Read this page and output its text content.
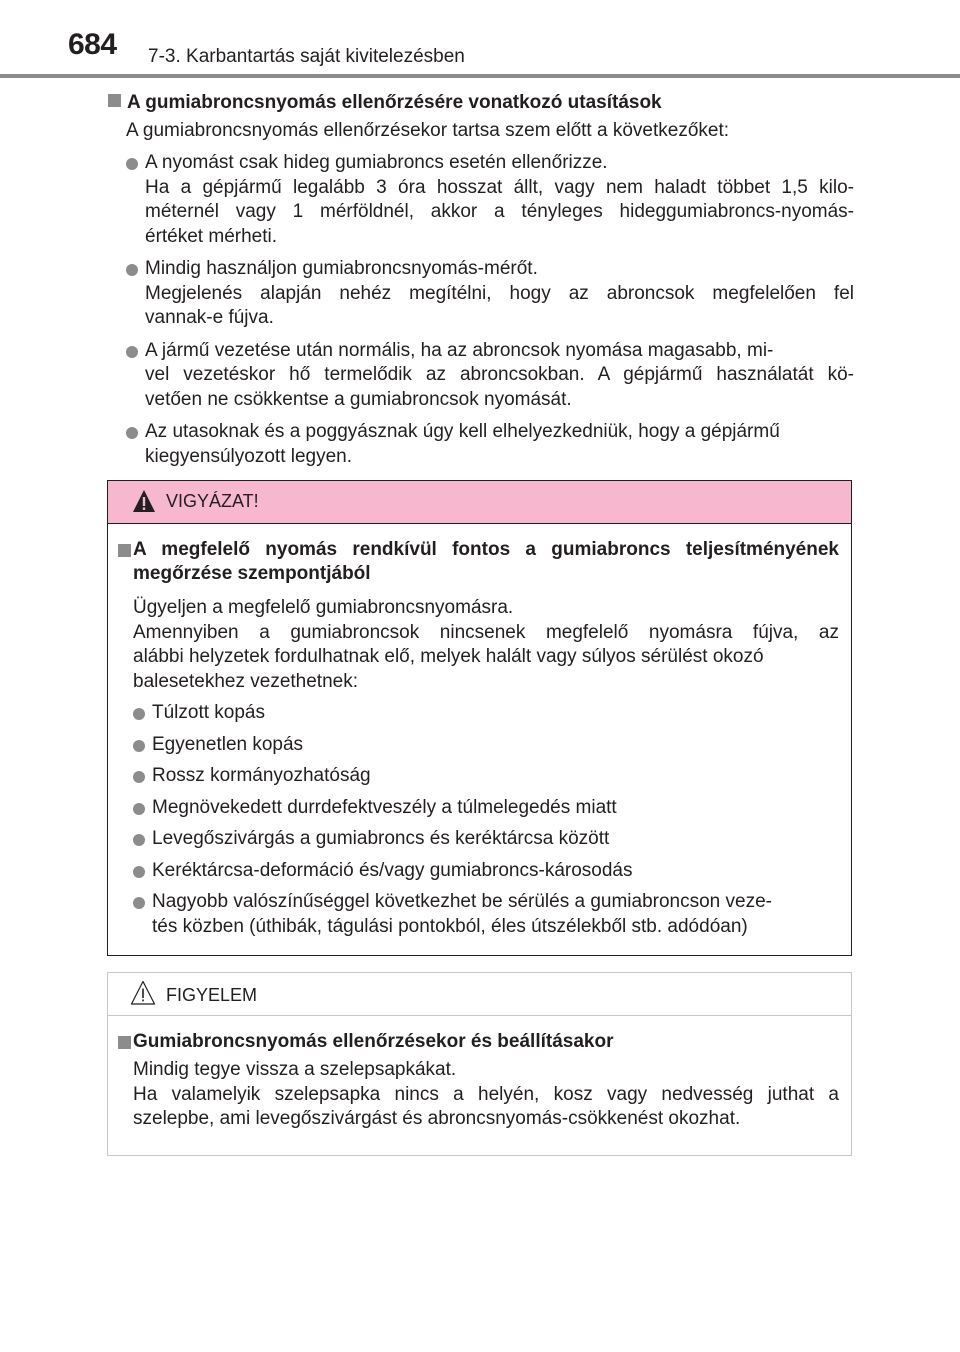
684 7-3. Karbantartás saját kivitelezésben
A gumiabroncsnyomás ellenőrzésére vonatkozó utasítások
A gumiabroncsnyomás ellenőrzésekor tartsa szem előtt a következőket:
A nyomást csak hideg gumiabroncs esetén ellenőrizze.
Ha a gépjármű legalább 3 óra hosszat állt, vagy nem haladt többet 1,5 kilo-
méternél vagy 1 mérföldnél, akkor a tényleges hideggumiabroncs-nyomás-
értéket mérheti.
Mindig használjon gumiabroncsnyomás-mérőt.
Megjelenés alapján nehéz megítélni, hogy az abroncsok megfelelően fel
vannak-e fújva.
A jármű vezetése után normális, ha az abroncsok nyomása magasabb, mi-
vel vezetéskor hő termelődik az abroncsokban. A gépjármű használatát kö-
vetően ne csökkentse a gumiabroncsok nyomását.
Az utasoknak és a poggyásznak úgy kell elhelyezkedniük, hogy a gépjármű
kiegyensúlyozott legyen.
VIGYÁZAT!
A megfelelő nyomás rendkívül fontos a gumiabroncs teljesítményének megőrzése szempontjából
Ügyeljen a megfelelő gumiabroncsnyomásra.
Amennyiben a gumiabroncsok nincsenek megfelelő nyomásra fújva, az
alábbi helyzetek fordulhatnak elő, melyek halált vagy súlyos sérülést okozó
balesetekhez vezethetnek:
Túlzott kopás
Egyenetlen kopás
Rossz kormányozhatóság
Megnövekedett durrdefektveszély a túlmelegedés miatt
Levegőszivárgás a gumiabroncs és keréktárcsa között
Keréktárcsa-deformáció és/vagy gumiabroncs-károsodás
Nagyobb valószínűséggel következhet be sérülés a gumiabroncson veze-
tés közben (úthibák, tágulási pontokból, éles útszélekből stb. adódóan)
FIGYELEM
Gumiabroncsnyomás ellenőrzésekor és beállításakor
Mindig tegye vissza a szelepsapkákat.
Ha valamelyik szelepsapka nincs a helyén, kosz vagy nedvesség juthat a
szelepbe, ami levegőszivárgást és abroncsnyomás-csökkenést okozhat.
